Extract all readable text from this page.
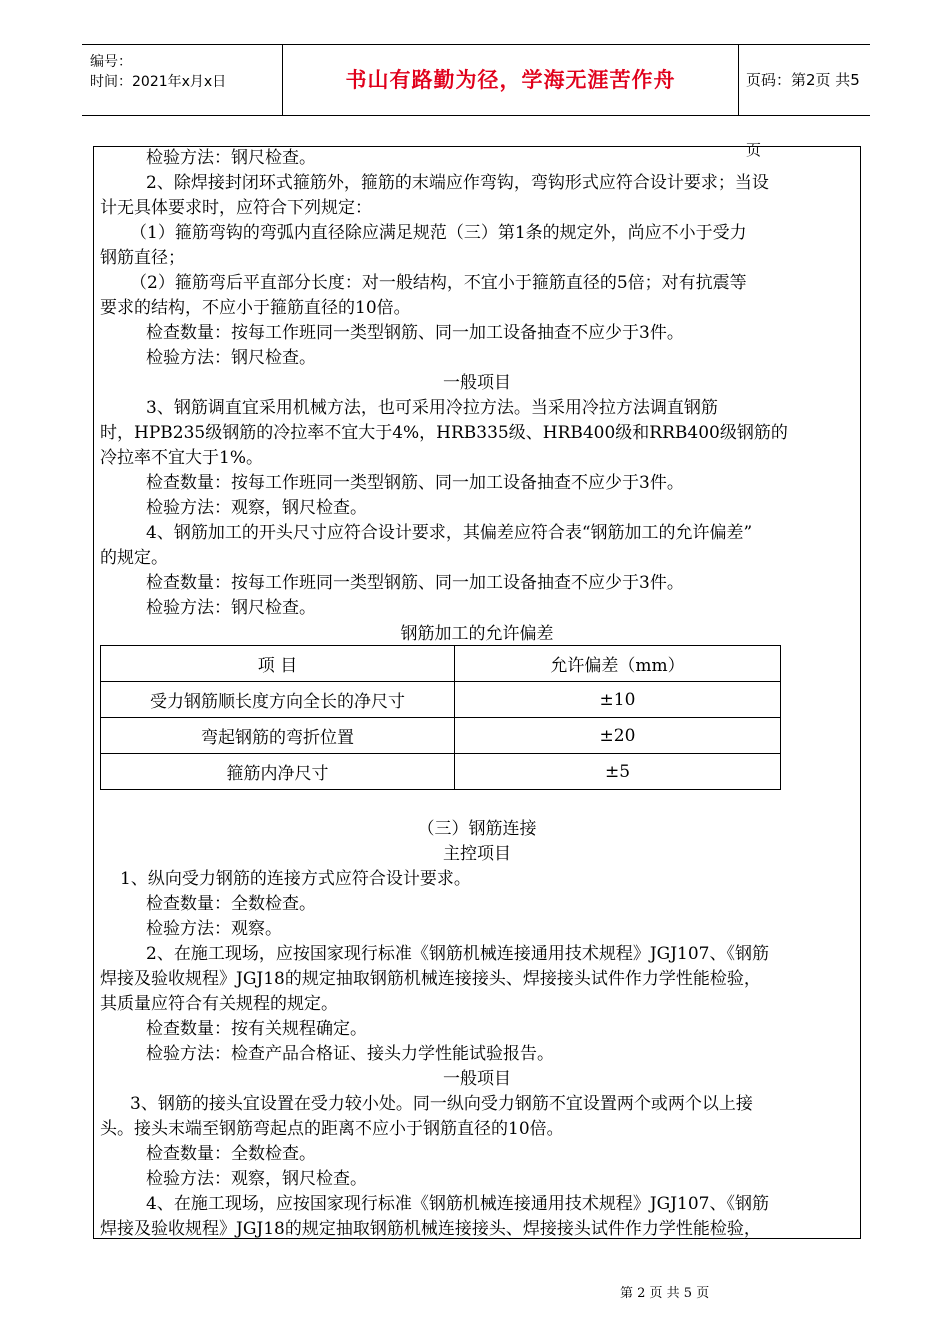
编号：
时间：2021年x月x日	书山有路勤为径，学海无涯苦作舟	页码：第2页 共5页
检验方法：钢尺检查。
2、除焊接封闭环式箍筋外，箍筋的末端应作弯钩，弯钩形式应符合设计要求；当设
计无具体要求时，应符合下列规定：
（1）箍筋弯钩的弯弧内直径除应满足规范（三）第1条的规定外，尚应不小于受力
钢筋直径；
（2）箍筋弯后平直部分长度：对一般结构，不宜小于箍筋直径的5倍；对有抗震等
要求的结构，不应小于箍筋直径的10倍。
检查数量：按每工作班同一类型钢筋、同一加工设备抽查不应少于3件。
检验方法：钢尺检查。
一般项目
3、钢筋调直宜采用机械方法，也可采用冷拉方法。当采用冷拉方法调直钢筋
时，HPB235级钢筋的冷拉率不宜大于4%，HRB335级、HRB400级和RRB400级钢筋的
冷拉率不宜大于1%。
检查数量：按每工作班同一类型钢筋、同一加工设备抽查不应少于3件。
检验方法：观察，钢尺检查。
4、钢筋加工的开头尺寸应符合设计要求，其偏差应符合表“钢筋加工的允许偏差”
的规定。
检查数量：按每工作班同一类型钢筋、同一加工设备抽查不应少于3件。
检验方法：钢尺检查。
钢筋加工的允许偏差
项 目	允许偏差（mm）
受力钢筋顺长度方向全长的净尺寸	±10
弯起钢筋的弯折位置	±20
箍筋内净尺寸	±5
（三）钢筋连接
主控项目
1、纵向受力钢筋的连接方式应符合设计要求。
检查数量：全数检查。
检验方法：观察。
2、在施工现场，应按国家现行标准《钢筋机械连接通用技术规程》JGJ107、《钢筋
焊接及验收规程》JGJ18的规定抽取钢筋机械连接接头、焊接接头试件作力学性能检验，
其质量应符合有关规程的规定。
检查数量：按有关规程确定。
检验方法：检查产品合格证、接头力学性能试验报告。
一般项目
3、钢筋的接头宜设置在受力较小处。同一纵向受力钢筋不宜设置两个或两个以上接
头。接头末端至钢筋弯起点的距离不应小于钢筋直径的10倍。
检查数量：全数检查。
检验方法：观察，钢尺检查。
4、在施工现场，应按国家现行标准《钢筋机械连接通用技术规程》JGJ107、《钢筋
焊接及验收规程》JGJ18的规定抽取钢筋机械连接接头、焊接接头试件作力学性能检验，
第 2 页 共 5 页
